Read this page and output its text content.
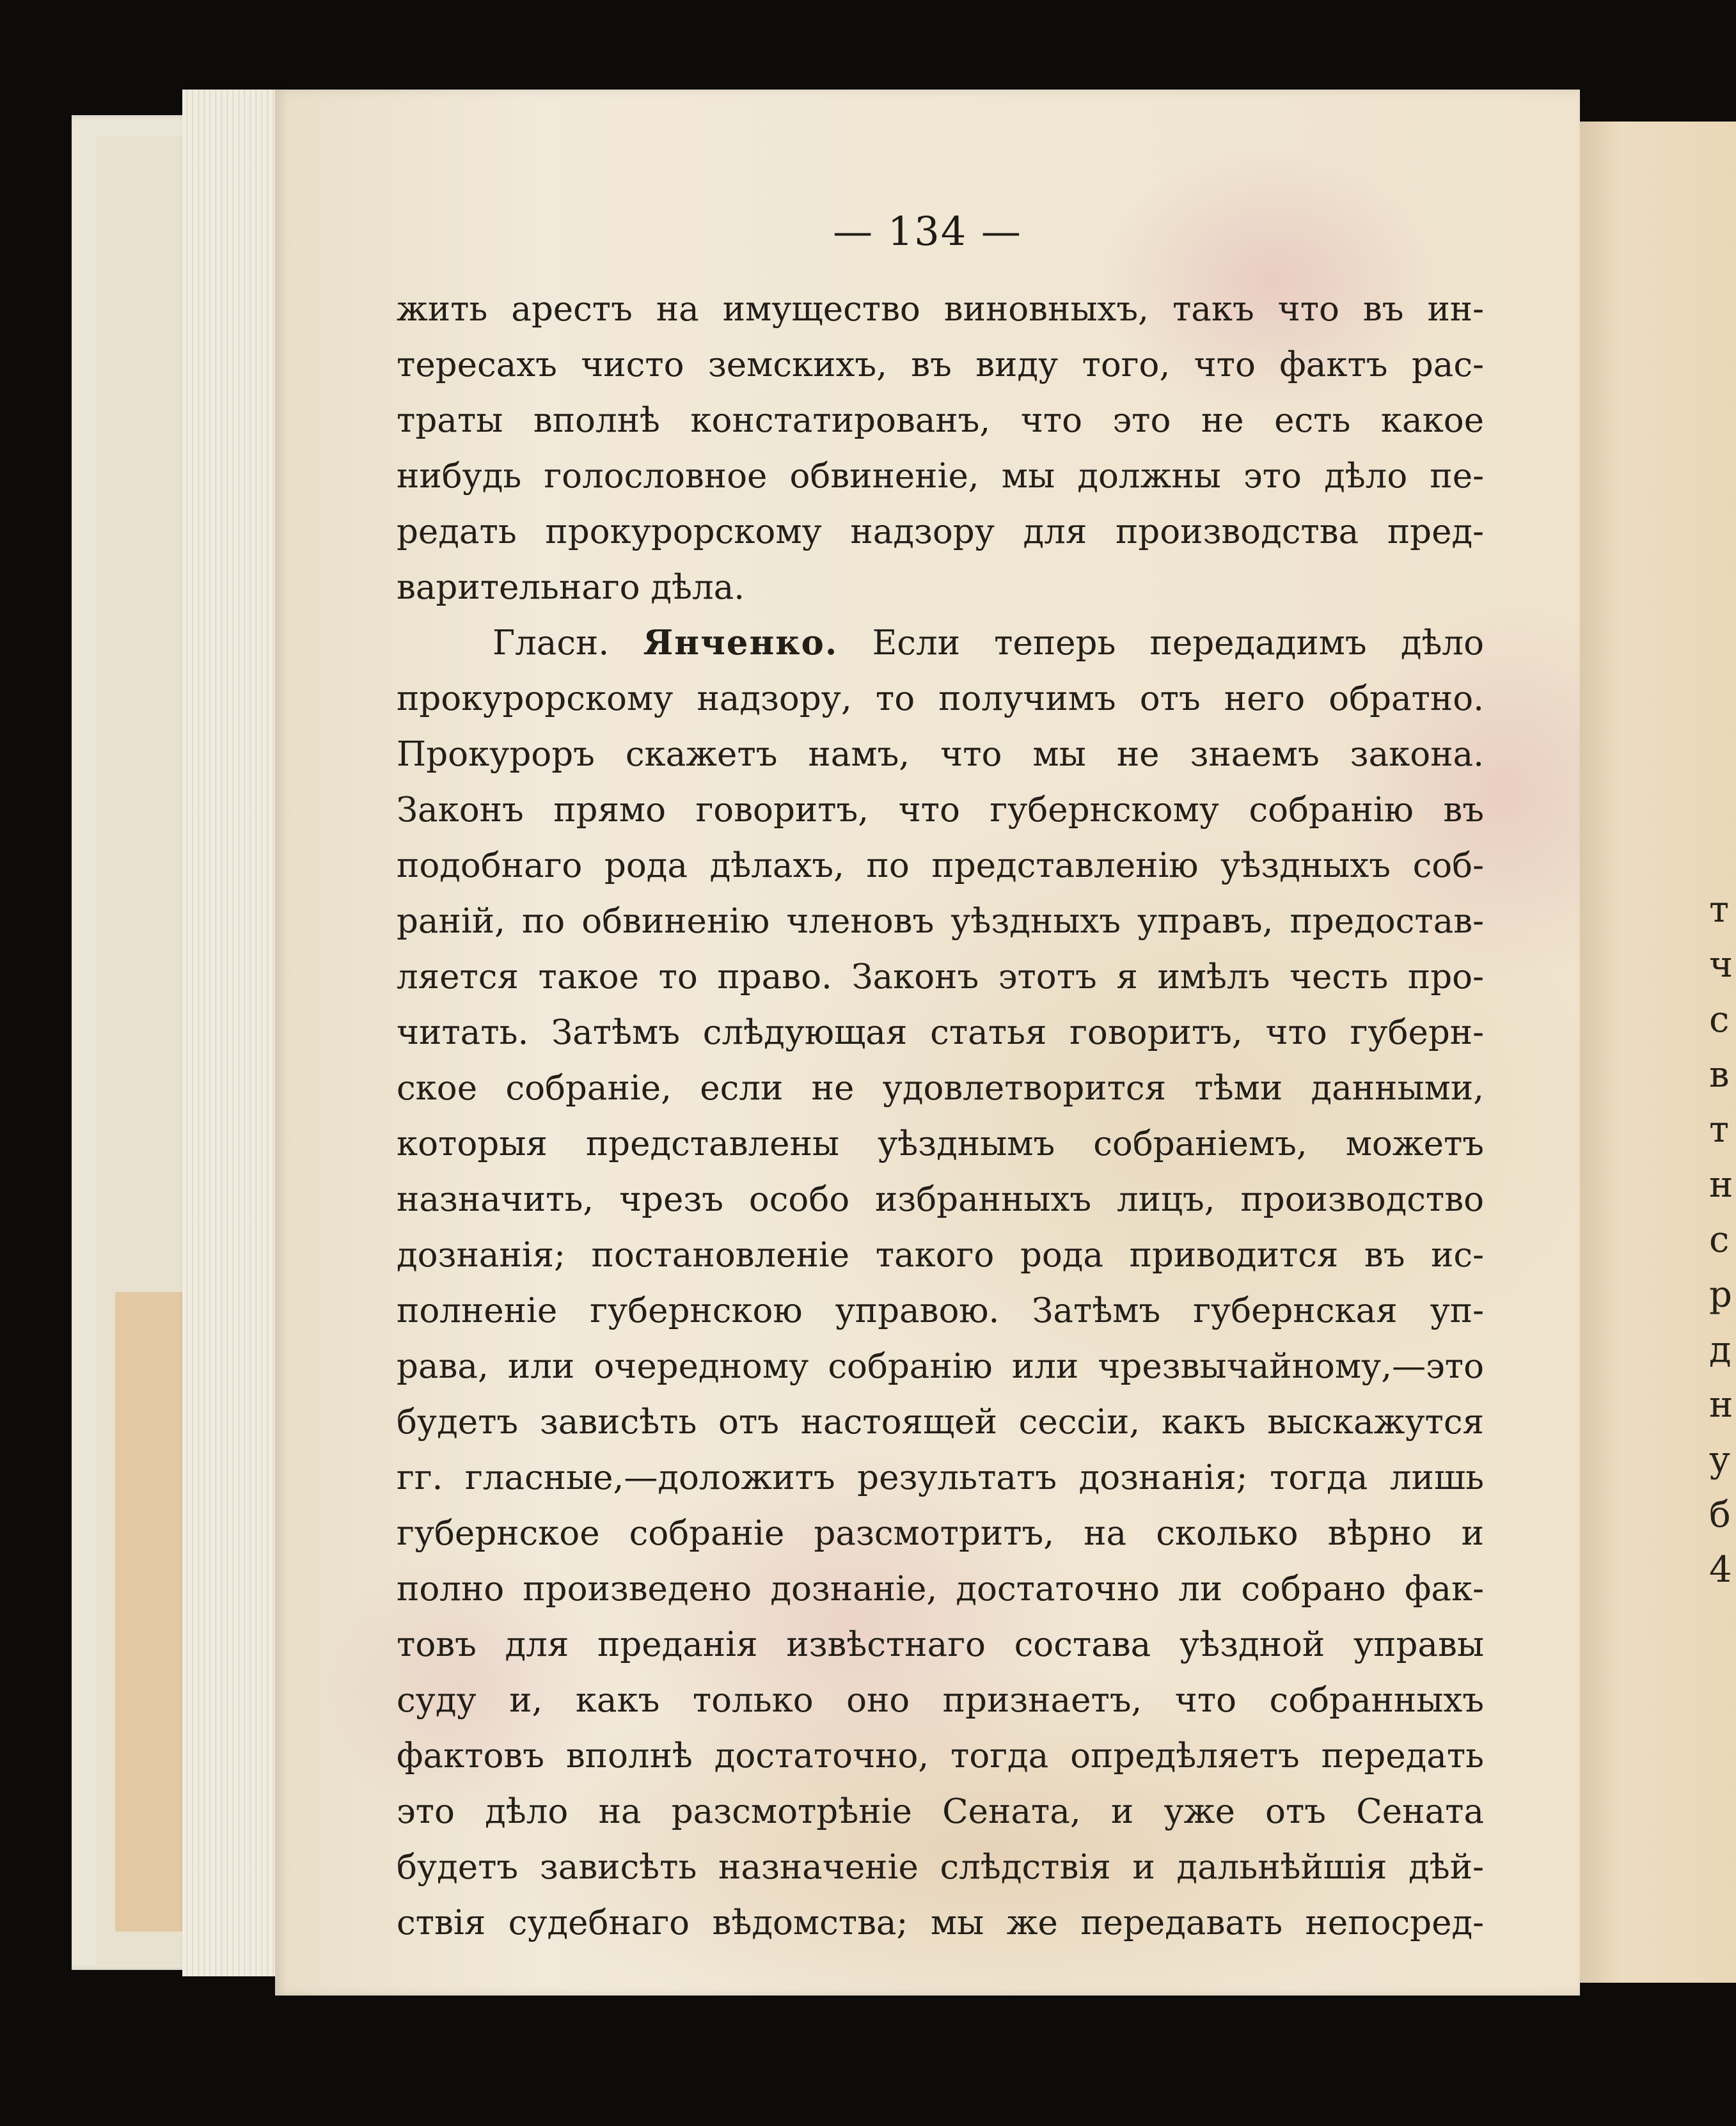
т
ч
с
в
т
н
с
р
д
н
у
б
4

— 134 —

жить арестъ на имущество виновныхъ, такъ что въ ин-
тересахъ чисто земскихъ, въ виду того, что фактъ рас-
траты вполнѣ констатированъ, что это не есть какое
нибудь голословное обвиненіе, мы должны это дѣло пе-
редать прокурорскому надзору для производства пред-
варительнаго дѣла.
Гласн. Янченко. Если теперь передадимъ дѣло
прокурорскому надзору, то получимъ отъ него обратно.
Прокуроръ скажетъ намъ, что мы не знаемъ закона.
Законъ прямо говоритъ, что губернскому собранію въ
подобнаго рода дѣлахъ, по представленію уѣздныхъ соб-
раній, по обвиненію членовъ уѣздныхъ управъ, предостав-
ляется такое то право. Законъ этотъ я имѣлъ честь про-
читать. Затѣмъ слѣдующая статья говоритъ, что губерн-
ское собраніе, если не удовлетворится тѣми данными,
которыя представлены уѣзднымъ собраніемъ, можетъ
назначить, чрезъ особо избранныхъ лицъ, производство
дознанія; постановленіе такого рода приводится въ ис-
полненіе губернскою управою. Затѣмъ губернская уп-
рава, или очередному собранію или чрезвычайному,—это
будетъ зависѣть отъ настоящей сессіи, какъ выскажутся
гг. гласные,—доложитъ результатъ дознанія; тогда лишь
губернское собраніе разсмотритъ, на сколько вѣрно и
полно произведено дознаніе, достаточно ли собрано фак-
товъ для преданія извѣстнаго состава уѣздной управы
суду и, какъ только оно признаетъ, что собранныхъ
фактовъ вполнѣ достаточно, тогда опредѣляетъ передать
это дѣло на разсмотрѣніе Сената, и уже отъ Сената
будетъ зависѣть назначеніе слѣдствія и дальнѣйшія дѣй-
ствія судебнаго вѣдомства; мы же передавать непосред-
